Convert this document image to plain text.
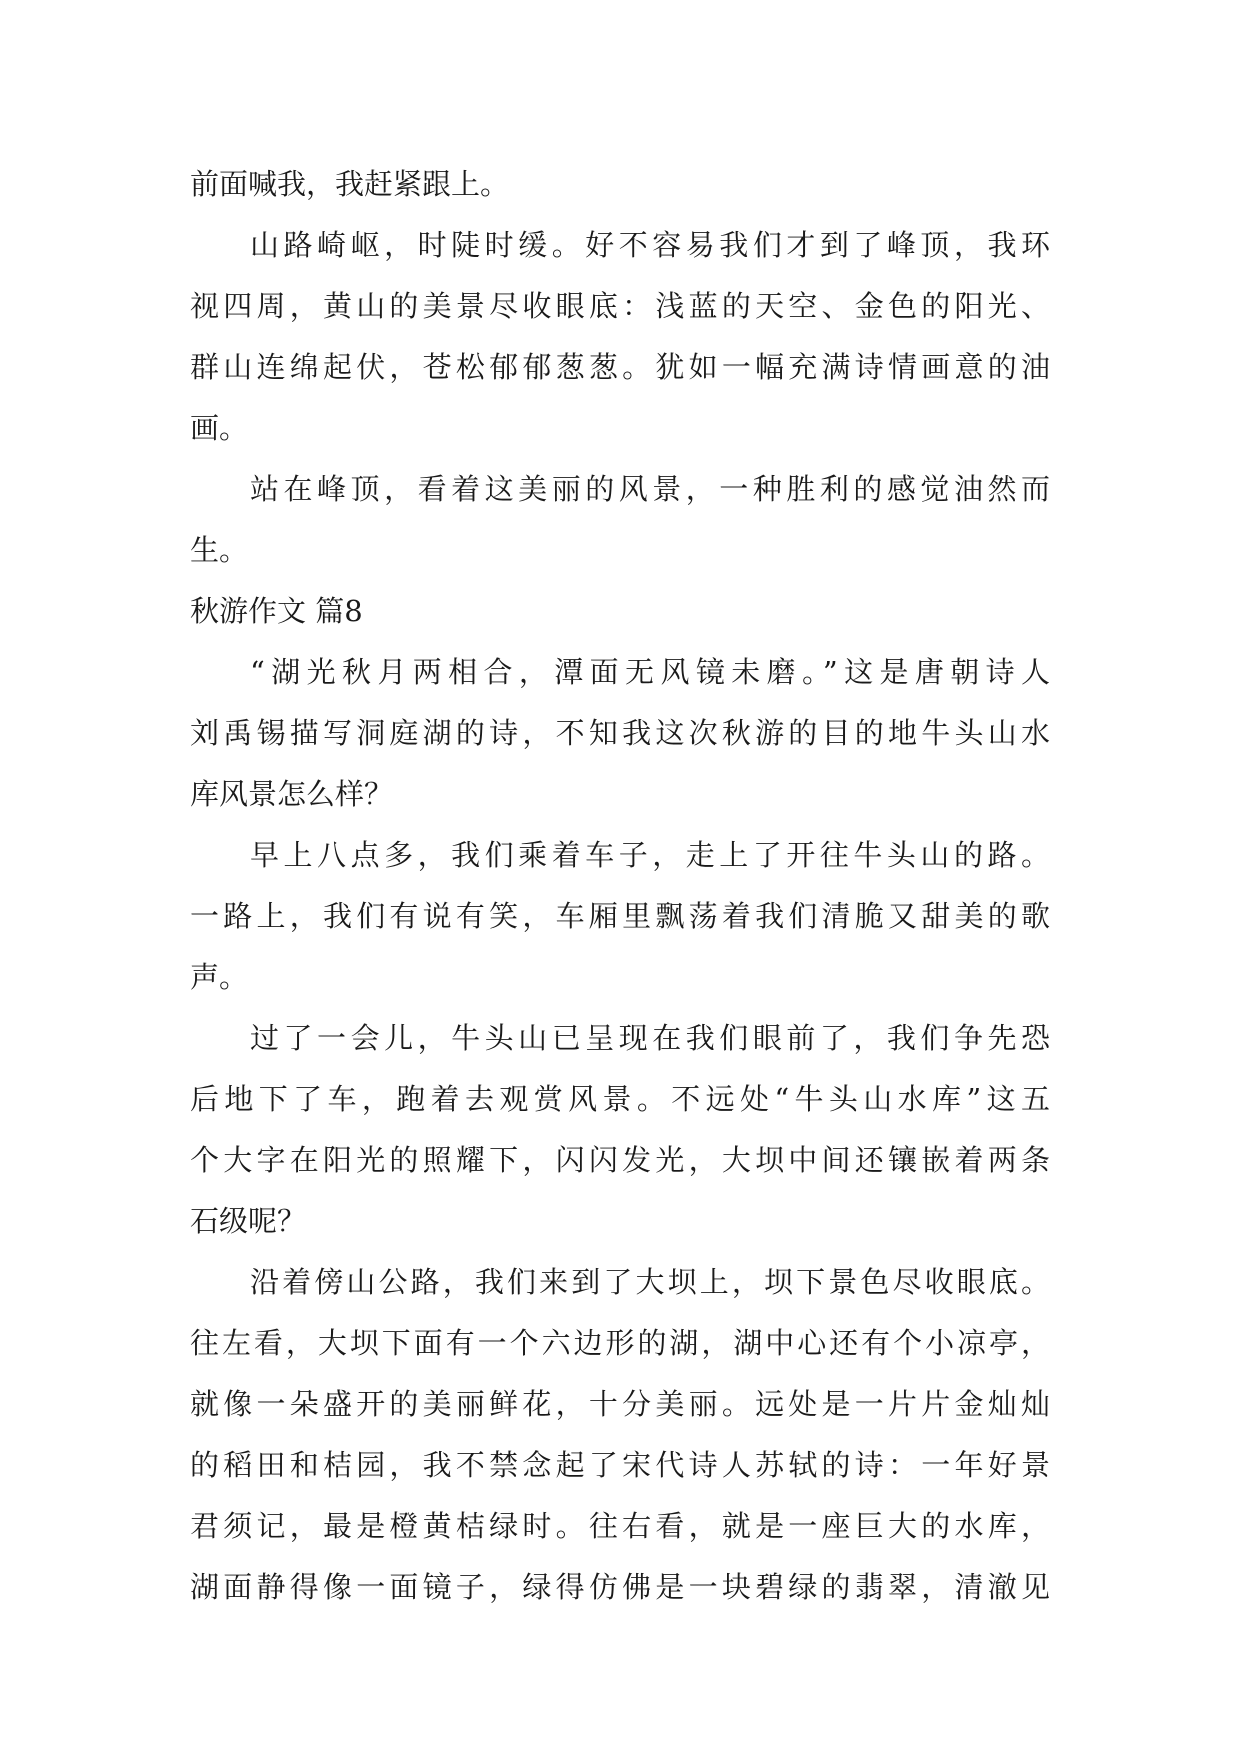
前面喊我，我赶紧跟上。
山路崎岖，时陡时缓。好不容易我们才到了峰顶，我环
视四周，黄山的美景尽收眼底：浅蓝的天空、金色的阳光、
群山连绵起伏，苍松郁郁葱葱。犹如一幅充满诗情画意的油
画。
站在峰顶，看着这美丽的风景，一种胜利的感觉油然而
生。
秋游作文 篇8
“湖光秋月两相合，潭面无风镜未磨。”这是唐朝诗人
刘禹锡描写洞庭湖的诗，不知我这次秋游的目的地牛头山水
库风景怎么样？
早上八点多，我们乘着车子，走上了开往牛头山的路。
一路上，我们有说有笑，车厢里飘荡着我们清脆又甜美的歌
声。
过了一会儿，牛头山已呈现在我们眼前了，我们争先恐
后地下了车，跑着去观赏风景。不远处“牛头山水库”这五
个大字在阳光的照耀下，闪闪发光，大坝中间还镶嵌着两条
石级呢？
沿着傍山公路，我们来到了大坝上，坝下景色尽收眼底。
往左看，大坝下面有一个六边形的湖，湖中心还有个小凉亭，
就像一朵盛开的美丽鲜花，十分美丽。远处是一片片金灿灿
的稻田和桔园，我不禁念起了宋代诗人苏轼的诗：一年好景
君须记，最是橙黄桔绿时。往右看，就是一座巨大的水库，
湖面静得像一面镜子，绿得仿佛是一块碧绿的翡翠，清澈见
